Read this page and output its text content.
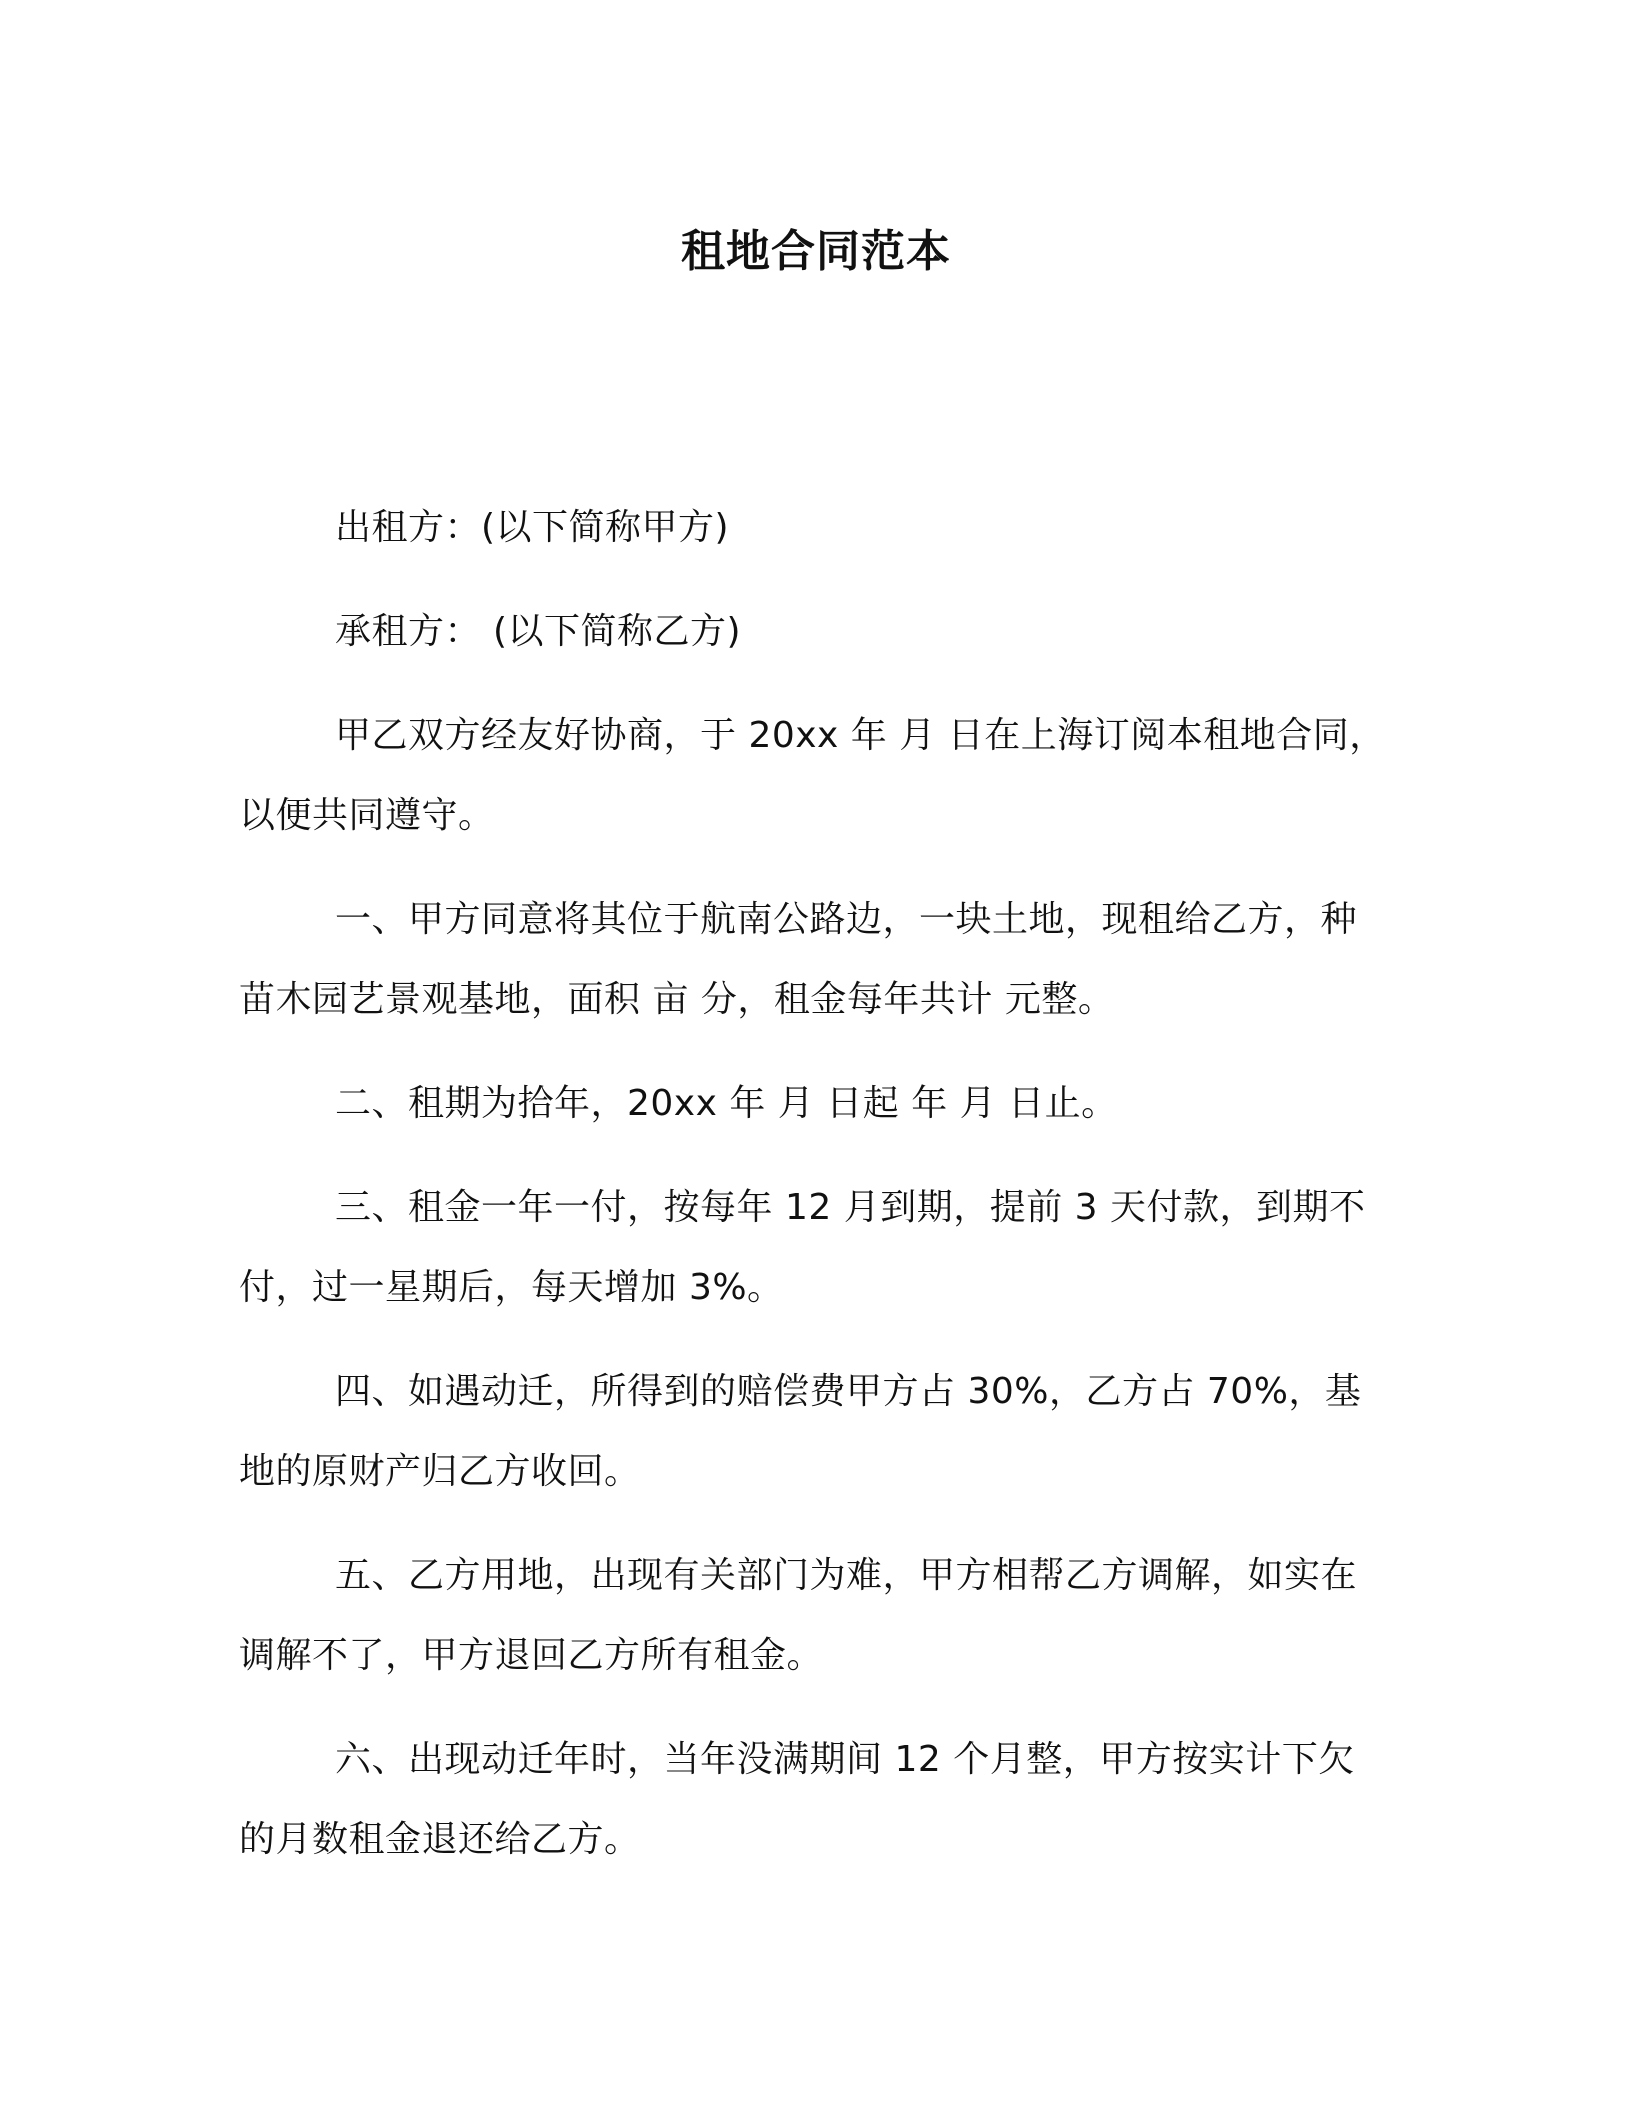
租地合同范本

出租方：(以下简称甲方)

承租方： (以下简称乙方)

甲乙双方经友好协商，于 20xx 年 月 日在上海订阅本租地合同，以便共同遵守。

一、甲方同意将其位于航南公路边，一块土地，现租给乙方，种苗木园艺景观基地，面积 亩 分，租金每年共计 元整。

二、租期为拾年，20xx 年 月 日起 年 月 日止。

三、租金一年一付，按每年 12 月到期，提前 3 天付款，到期不付，过一星期后，每天增加 3%。

四、如遇动迁，所得到的赔偿费甲方占 30%，乙方占 70%，基地的原财产归乙方收回。

五、乙方用地，出现有关部门为难，甲方相帮乙方调解，如实在调解不了，甲方退回乙方所有租金。

六、出现动迁年时，当年没满期间 12 个月整，甲方按实计下欠的月数租金退还给乙方。
